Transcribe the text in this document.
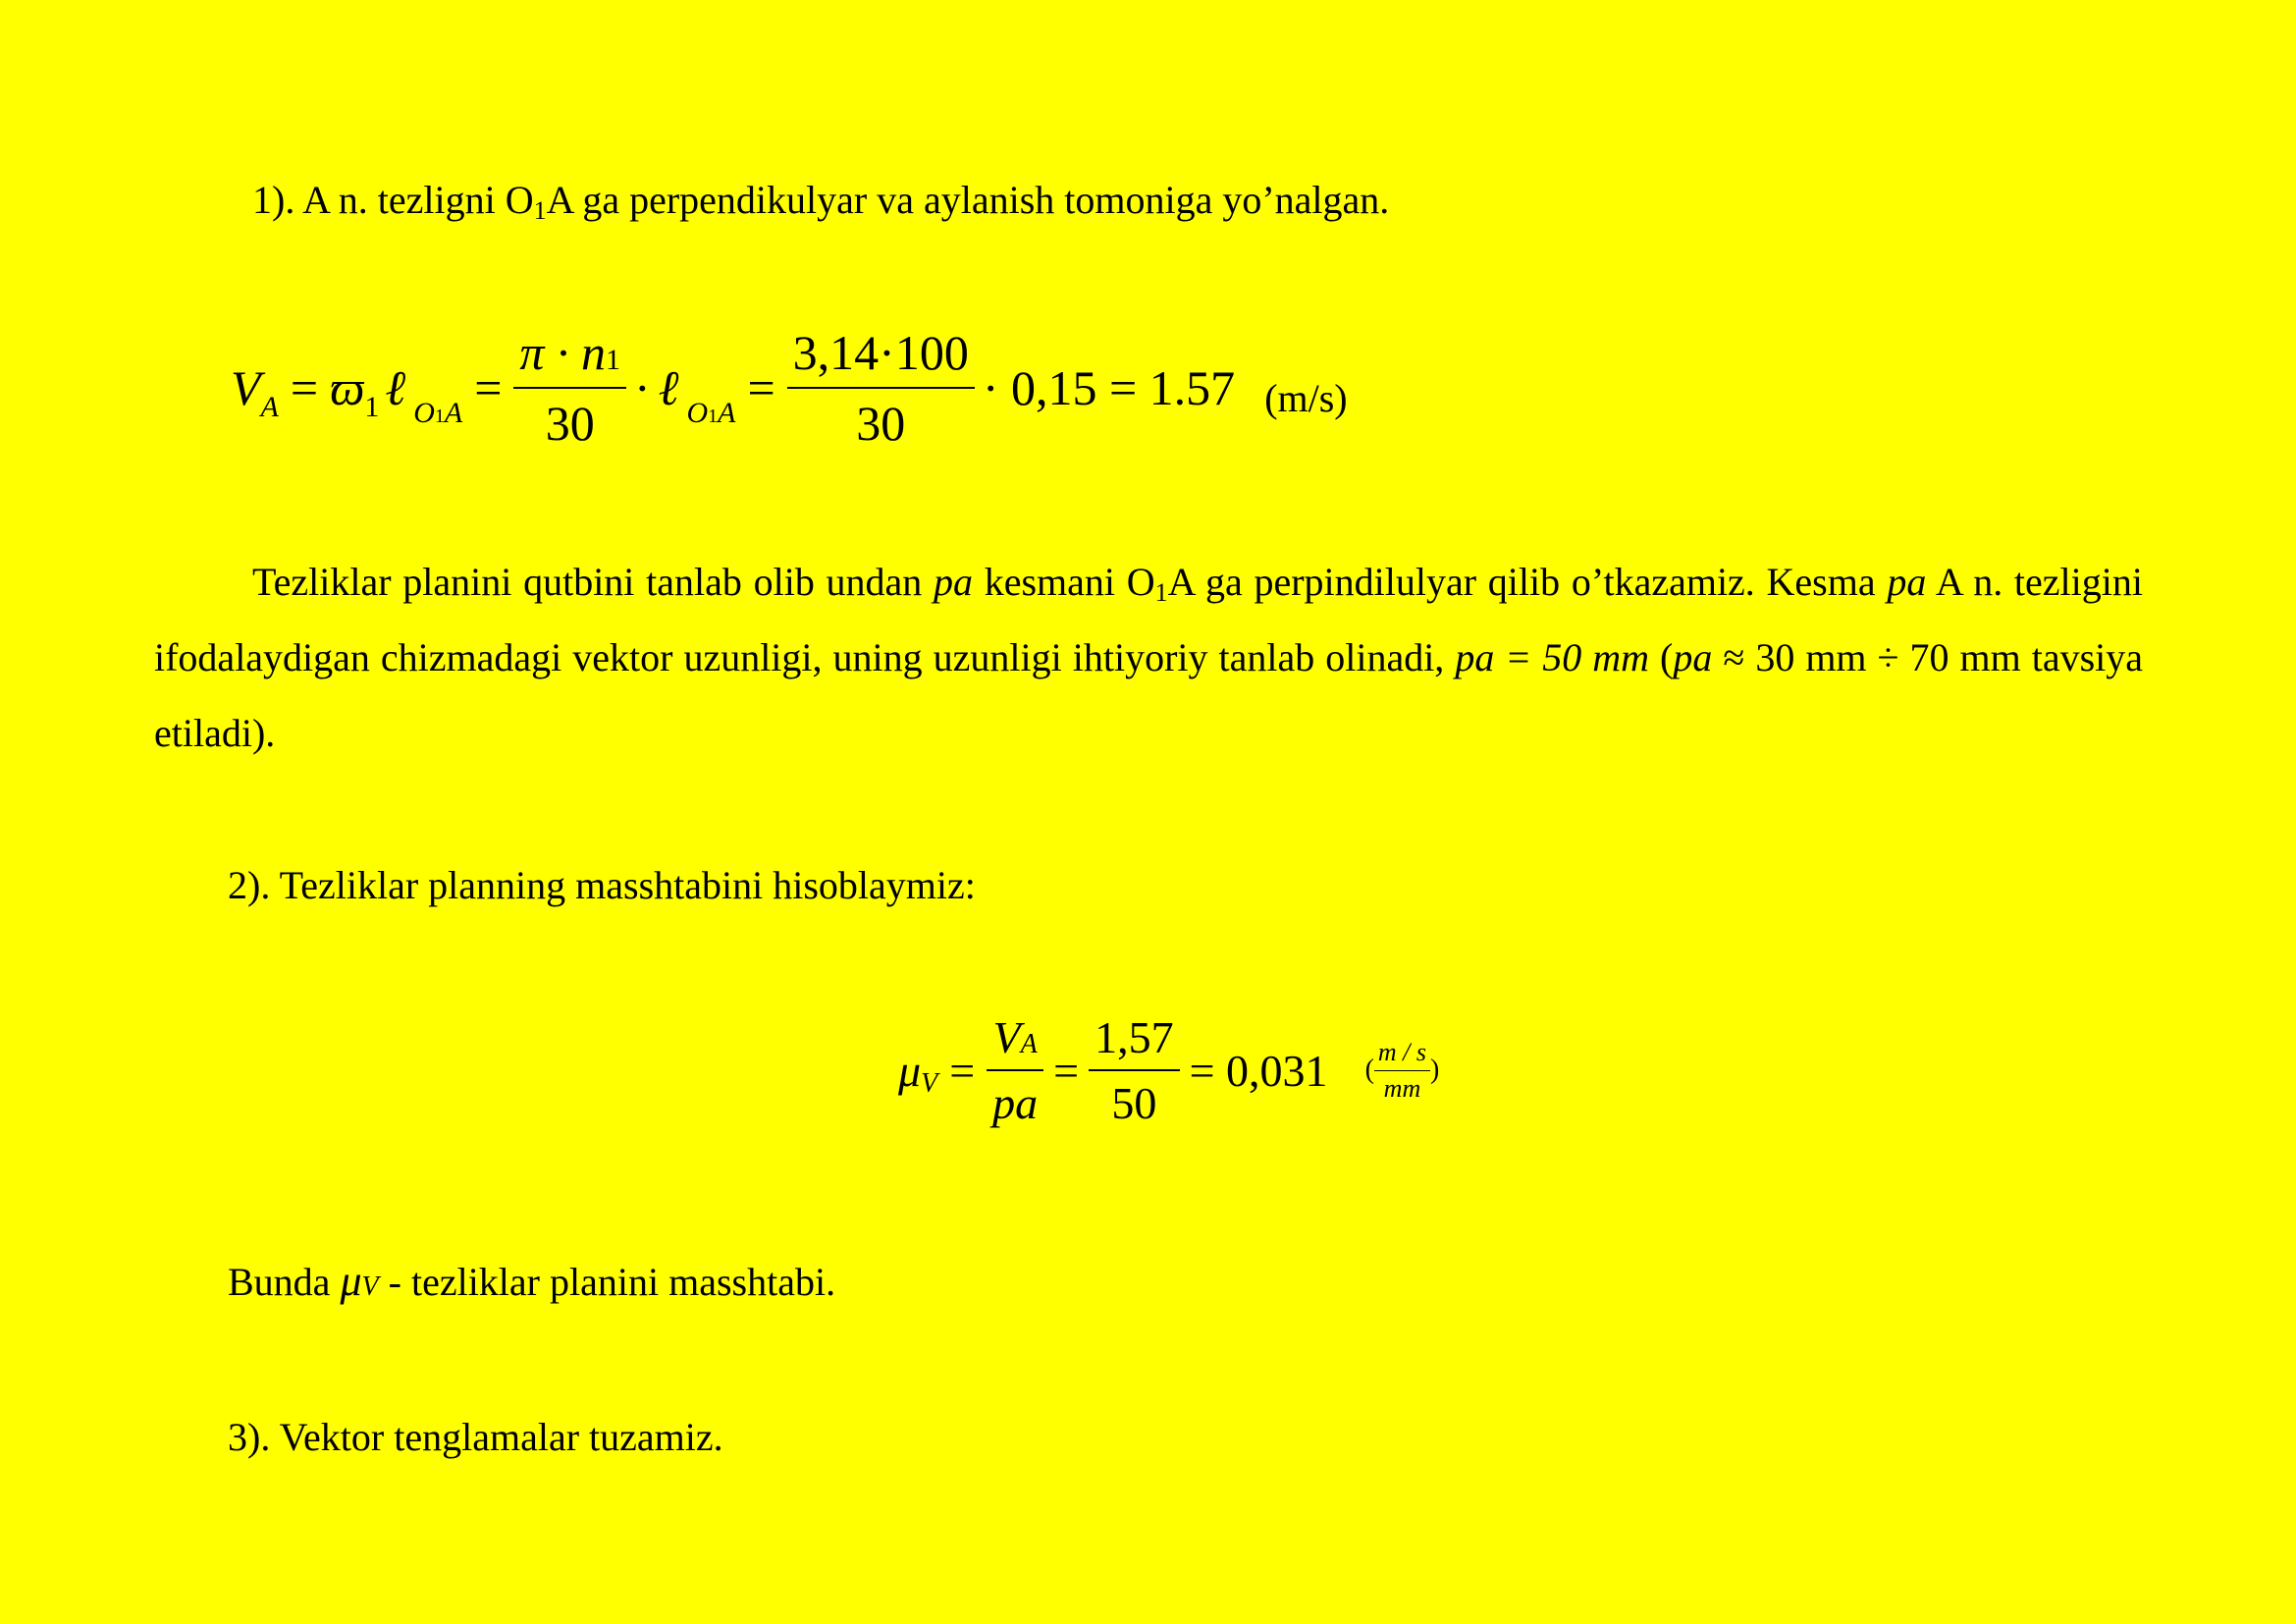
1). A n. tezligni $O_1A$ ga perpendikulyar va aylanish tomoniga yo’nalgan.
V A = ϖ 1 ℓ $O1A = \frac{\pi \cdot n1}{30}$ · ℓ $O1A = \frac{3,14\cdot 100}{30} \cdot 0,15 = 1.57$ (m/s)
Tezliklar planini qutbini tanlab olib undan pa kesmani $O_1A$ ga perpindilulyar qilib o’tkazamiz. Kesma pa A n. tezligini ifodalaydigan chizmadagi vektor uzunligi, uning uzunligi ihtiyoriy tanlab olinadi, pa = 50 mm (pa ≈ 30 mm ÷ 70 mm tavsiya etiladi).
2). Tezliklar planning masshtabini hisoblaymiz:
μ $V = \frac{VA}{pa} = \frac{1,57}{50} = 0,031$ ( $\frac{m / s}{mm}$ )
Bunda μV - tezliklar planini masshtabi.
3). Vektor tenglamalar tuzamiz.
